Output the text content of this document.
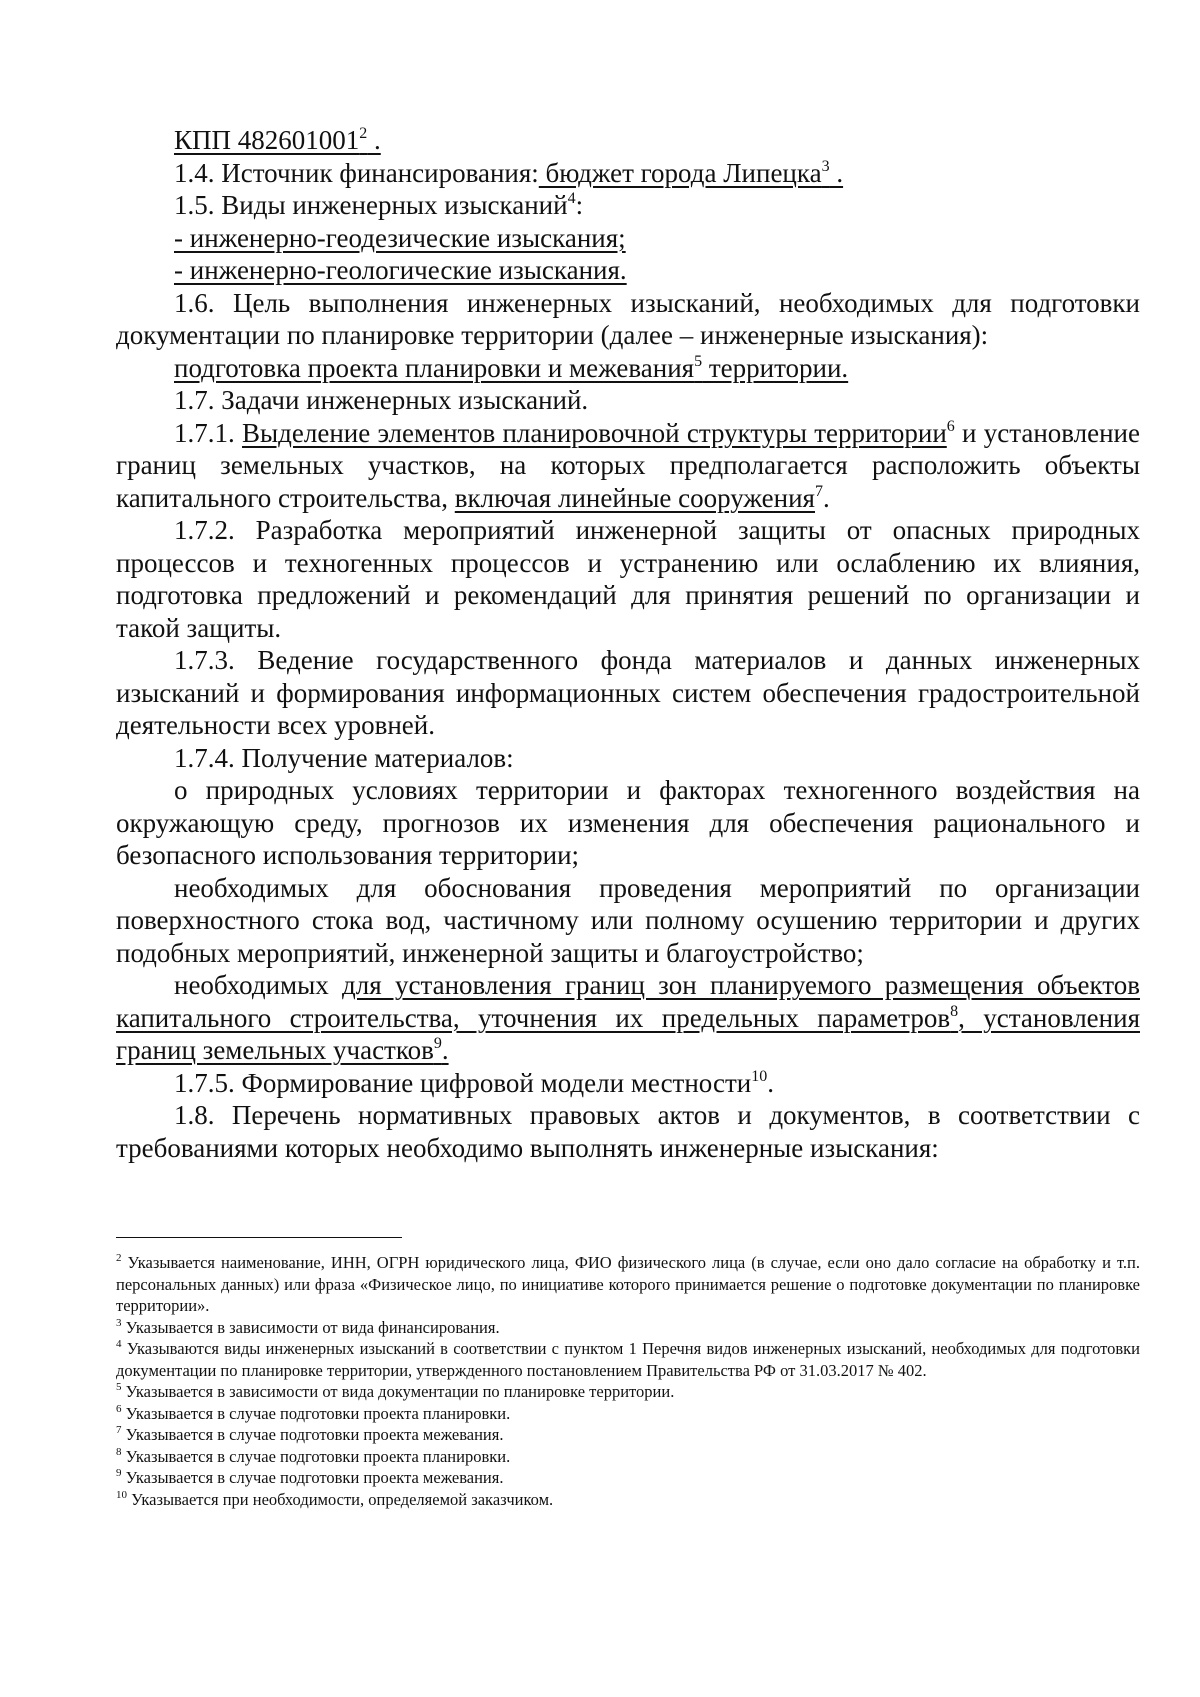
КПП 482601001$^2$ .

1.4. Источник финансирования: бюджет города Липецка$^3$ .

1.5. Виды инженерных изысканий$^4$:

- инженерно-геодезические изыскания;

- инженерно-геологические изыскания.

1.6. Цель выполнения инженерных изысканий, необходимых для подготовки документации по планировке территории (далее – инженерные изыскания):

подготовка проекта планировки и межевания$^5$ территории.

1.7. Задачи инженерных изысканий.

1.7.1. Выделение элементов планировочной структуры территории$^6$ и установление границ земельных участков, на которых предполагается расположить объекты капитального строительства, включая линейные сооружения$^7$.

1.7.2. Разработка мероприятий инженерной защиты от опасных природных процессов и техногенных процессов и устранению или ослаблению их влияния, подготовка предложений и рекомендаций для принятия решений по организации и такой защиты.

1.7.3. Ведение государственного фонда материалов и данных инженерных изысканий и формирования информационных систем обеспечения градостроительной деятельности всех уровней.

1.7.4. Получение материалов:

о природных условиях территории и факторах техногенного воздействия на окружающую среду, прогнозов их изменения для обеспечения рационального и безопасного использования территории;

необходимых для обоснования проведения мероприятий по организации поверхностного стока вод, частичному или полному осушению территории и других подобных мероприятий, инженерной защиты и благоустройство;

необходимых для установления границ зон планируемого размещения объектов капитального строительства, уточнения их предельных параметров$^8$, установления границ земельных участков$^9$.

1.7.5. Формирование цифровой модели местности$^{10}$.

1.8. Перечень нормативных правовых актов и документов, в соответствии с требованиями которых необходимо выполнять инженерные изыскания:

$^2$ Указывается наименование, ИНН, ОГРН юридического лица, ФИО физического лица (в случае, если оно дало согласие на обработку и т.п. персональных данных) или фраза «Физическое лицо, по инициативе которого принимается решение о подготовке документации по планировке территории».

$^3$ Указывается в зависимости от вида финансирования.

$^4$ Указываются виды инженерных изысканий в соответствии с пунктом 1 Перечня видов инженерных изысканий, необходимых для подготовки документации по планировке территории, утвержденного постановлением Правительства РФ от 31.03.2017 № 402.

$^5$ Указывается в зависимости от вида документации по планировке территории.

$^6$ Указывается в случае подготовки проекта планировки.

$^7$ Указывается в случае подготовки проекта межевания.

$^8$ Указывается в случае подготовки проекта планировки.

$^9$ Указывается в случае подготовки проекта межевания.

$^{10}$ Указывается при необходимости, определяемой заказчиком.
